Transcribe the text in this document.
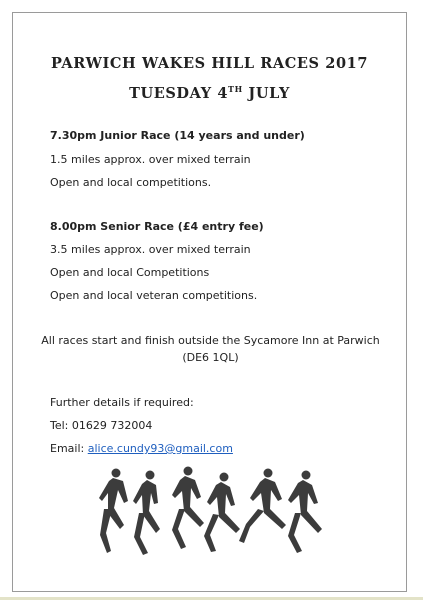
PARWICH WAKES HILL RACES 2017
TUESDAY 4TH JULY
7.30pm Junior Race (14 years and under)
1.5 miles approx. over mixed terrain
Open and local competitions.
8.00pm Senior Race (£4 entry fee)
3.5 miles approx. over mixed terrain
Open and local Competitions
Open and local veteran competitions.
All races start and finish outside the Sycamore Inn at Parwich
(DE6 1QL)
Further details if required:
Tel: 01629 732004
Email: alice.cundy93@gmail.com
